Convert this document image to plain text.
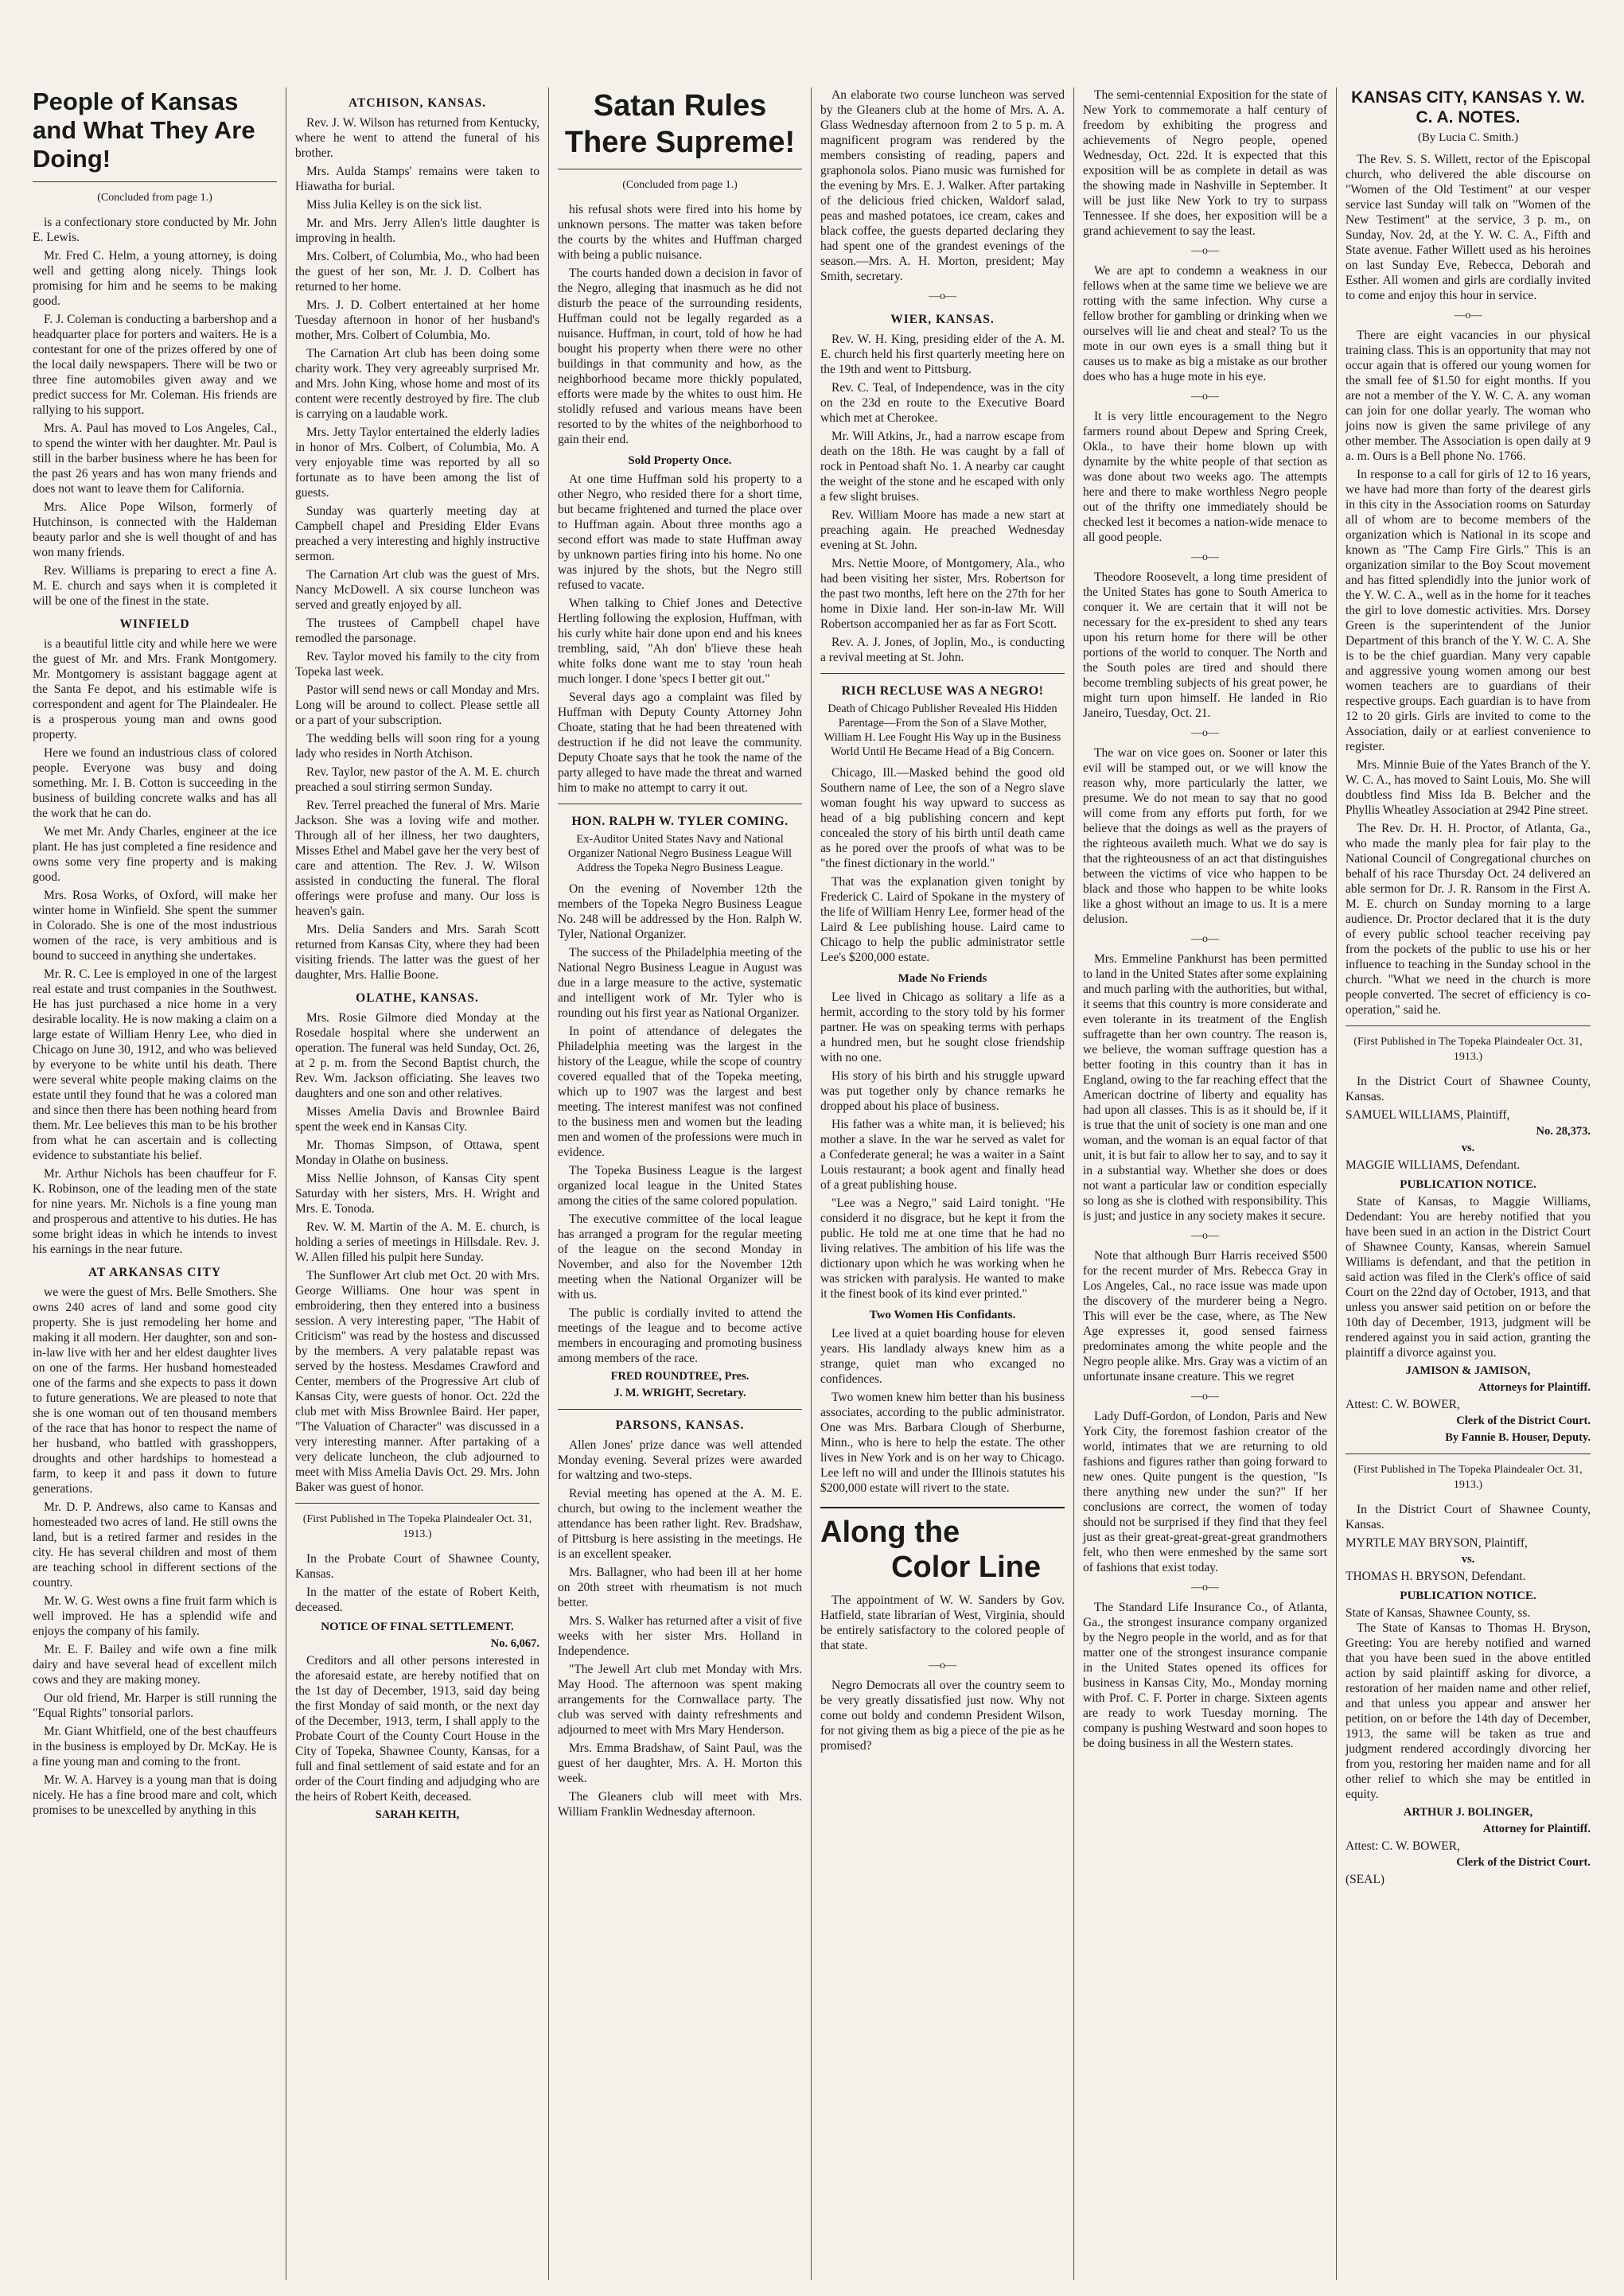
People of Kansas and What They Are Doing!
(Concluded from page 1.)

is a confectionary store conducted by Mr. John E. Lewis.

Mr. Fred C. Helm, a young attorney, is doing well and getting along nicely. Things look promising for him and he seems to be making good.

F. J. Coleman is conducting a barbershop and a headquarter place for porters and waiters. He is a contestant for one of the prizes offered by one of the local daily newspapers. There will be two or three fine automobiles given away and we predict success for Mr. Coleman. His friends are rallying to his support.

Mrs. A. Paul has moved to Los Angeles, Cal., to spend the winter with her daughter. Mr. Paul is still in the barber business where he has been for the past 26 years and has won many friends and does not want to leave them for California.

Mrs. Alice Pope Wilson, formerly of Hutchinson, is connected with the Haldeman beauty parlor and she is well thought of and has won many friends.

Rev. Williams is preparing to erect a fine A. M. E. church and says when it is completed it will be one of the finest in the state.

WINFIELD

is a beautiful little city and while here we were the guest of Mr. and Mrs. Frank Montgomery. Mr. Montgomery is assistant baggage agent at the Santa Fe depot, and his estimable wife is correspondent and agent for The Plaindealer. He is a prosperous young man and owns good property.

Here we found an industrious class of colored people. Everyone was busy and doing something. Mr. I. B. Cotton is succeeding in the business of building concrete walks and has all the work that he can do.

We met Mr. Andy Charles, engineer at the ice plant. He has just completed a fine residence and owns some very fine property and is making good.

Mrs. Rosa Works, of Oxford, will make her winter home in Winfield. She spent the summer in Colorado. She is one of the most industrious women of the race, is very ambitious and is bound to succeed in anything she undertakes.

Mr. R. C. Lee is employed in one of the largest real estate and trust companies in the Southwest. He has just purchased a nice home in a very desirable locality. He is now making a claim on a large estate of William Henry Lee, who died in Chicago on June 30, 1912, and who was believed by everyone to be white until his death. There were several white people making claims on the estate until they found that he was a colored man and since then there has been nothing heard from them. Mr. Lee believes this man to be his brother from what he can ascertain and is collecting evidence to substantiate his belief.

Mr. Arthur Nichols has been chauffeur for F. K. Robinson, one of the leading men of the state for nine years. Mr. Nichols is a fine young man and prosperous and attentive to his duties. He has some bright ideas in which he intends to invest his earnings in the near future.

AT ARKANSAS CITY

we were the guest of Mrs. Belle Smothers. She owns 240 acres of land and some good city property. She is just remodeling her home and making it all modern. Her daughter, son and son-in-law live with her and her eldest daughter lives on one of the farms. Her husband homesteaded one of the farms and she expects to pass it down to future generations. We are pleased to note that she is one woman out of ten thousand members of the race that has honor to respect the name of her husband, who battled with grasshoppers, droughts and other hardships to homestead a farm, to keep it and pass it down to future generations.

Mr. D. P. Andrews, also came to Kansas and homesteaded two acres of land. He still owns the land, but is a retired farmer and resides in the city. He has several children and most of them are teaching school in different sections of the country.

Mr. W. G. West owns a fine fruit farm which is well improved. He has a splendid wife and enjoys the company of his family.

Mr. E. F. Bailey and wife own a fine milk dairy and have several head of excellent milch cows and they are making money.

Our old friend, Mr. Harper is still running the "Equal Rights" tonsorial parlors.

Mr. Giant Whitfield, one of the best chauffeurs in the business is employed by Dr. McKay. He is a fine young man and coming to the front.

Mr. W. A. Harvey is a young man that is doing nicely. He has a fine brood mare and colt, which promises to be unexcelled by anything in this

ATCHISON, KANSAS.

Rev. J. W. Wilson has returned from Kentucky, where he went to attend the funeral of his brother.

Mrs. Aulda Stamps' remains were taken to Hiawatha for burial.

Miss Julia Kelley is on the sick list.

Mr. and Mrs. Jerry Allen's little daughter is improving in health.

Mrs. Colbert, of Columbia, Mo., who had been the guest of her son, Mr. J. D. Colbert has returned to her home.

Mrs. J. D. Colbert entertained at her home Tuesday afternoon in honor of her husband's mother, Mrs. Colbert of Columbia, Mo.

The Carnation Art club has been doing some charity work. They very agreeably surprised Mr. and Mrs. John King, whose home and most of its content were recently destroyed by fire. The club is carrying on a laudable work.

Mrs. Jetty Taylor entertained the elderly ladies in honor of Mrs. Colbert, of Columbia, Mo. A very enjoyable time was reported by all so fortunate as to have been among the list of guests.

Sunday was quarterly meeting day at Campbell chapel and Presiding Elder Evans preached a very interesting and highly instructive sermon.

The Carnation Art club was the guest of Mrs. Nancy McDowell. A six course luncheon was served and greatly enjoyed by all.

The trustees of Campbell chapel have remodled the parsonage.

Rev. Taylor moved his family to the city from Topeka last week.

Pastor will send news or call Monday and Mrs. Long will be around to collect. Please settle all or a part of your subscription.

The wedding bells will soon ring for a young lady who resides in North Atchison.

Rev. Taylor, new pastor of the A. M. E. church preached a soul stirring sermon Sunday.

Rev. Terrel preached the funeral of Mrs. Marie Jackson. She was a loving wife and mother. Through all of her illness, her two daughters, Misses Ethel and Mabel gave her the very best of care and attention. The Rev. J. W. Wilson assisted in conducting the funeral. The floral offerings were profuse and many. Our loss is heaven's gain.

Mrs. Delia Sanders and Mrs. Sarah Scott returned from Kansas City, where they had been visiting friends. The latter was the guest of her daughter, Mrs. Hallie Boone.

OLATHE, KANSAS.

Mrs. Rosie Gilmore died Monday at the Rosedale hospital where she underwent an operation. The funeral was held Sunday, Oct. 26, at 2 p. m. from the Second Baptist church, the Rev. Wm. Jackson officiating. She leaves two daughters and one son and other relatives.

Misses Amelia Davis and Brownlee Baird spent the week end in Kansas City.

Mr. Thomas Simpson, of Ottawa, spent Monday in Olathe on business.

Miss Nellie Johnson, of Kansas City spent Saturday with her sisters, Mrs. H. Wright and Mrs. E. Tonoda.

Rev. W. M. Martin of the A. M. E. church, is holding a series of meetings in Hillsdale. Rev. J. W. Allen filled his pulpit here Sunday.

The Sunflower Art club met Oct. 20 with Mrs. George Williams. One hour was spent in embroidering, then they entered into a business session. A very interesting paper, "The Habit of Criticism" was read by the hostess and discussed by the members. A very palatable repast was served by the hostess. Mesdames Crawford and Center, members of the Progressive Art club of Kansas City, were guests of honor. Oct. 22d the club met with Miss Brownlee Baird. Her paper, "The Valuation of Character" was discussed in a very interesting manner. After partaking of a very delicate luncheon, the club adjourned to meet with Miss Amelia Davis Oct. 29. Mrs. John Baker was guest of honor.

(First Published in The Topeka Plaindealer Oct. 31, 1913.)

In the Probate Court of Shawnee County, Kansas.

In the matter of the estate of Robert Keith, deceased.

NOTICE OF FINAL SETTLEMENT.
No. 6,067.

Creditors and all other persons interested in the aforesaid estate, are hereby notified that on the 1st day of December, 1913, said day being the first Monday of said month, or the next day of the December, 1913, term, I shall apply to the Probate Court of the County Court House in the City of Topeka, Shawnee County, Kansas, for a full and final settlement of said estate and for an order of the Court finding and adjudging who are the heirs of Robert Keith, deceased.

SARAH KEITH,
Satan Rules There Supreme!
(Concluded from page 1.)

his refusal shots were fired into his home by unknown persons. The matter was taken before the courts by the whites and Huffman charged with being a public nuisance.

The courts handed down a decision in favor of the Negro, alleging that inasmuch as he did not disturb the peace of the surrounding residents, Huffman could not be legally regarded as a nuisance. Huffman, in court, told of how he had bought his property when there were no other buildings in that community and how, as the neighborhood became more thickly populated, efforts were made by the whites to oust him. He stolidly refused and various means have been resorted to by the whites of the neighborhood to gain their end.

Sold Property Once.

At one time Huffman sold his property to a other Negro, who resided there for a short time, but became frightened and turned the place over to Huffman again. About three months ago a second effort was made to state Huffman away by unknown parties firing into his home. No one was injured by the shots, but the Negro still refused to vacate.

When talking to Chief Jones and Detective Hertling following the explosion, Huffman, with his curly white hair done upon end and his knees trembling, said, "Ah don' b'lieve these heah white folks done want me to stay 'roun heah much longer. I done 'specs I better git out."

Several days ago a complaint was filed by Huffman with Deputy County Attorney John Choate, stating that he had been threatened with destruction if he did not leave the community. Deputy Choate says that he took the name of the party alleged to have made the threat and warned him to make no attempt to carry it out.

HON. RALPH W. TYLER COMING.
Ex-Auditor United States Navy and National Organizer National Negro Business League Will Address the Topeka Negro Business League.

On the evening of November 12th the members of the Topeka Negro Business League No. 248 will be addressed by the Hon. Ralph W. Tyler, National Organizer.

The success of the Philadelphia meeting of the National Negro Business League in August was due in a large measure to the active, systematic and intelligent work of Mr. Tyler who is rounding out his first year as National Organizer.

In point of attendance of delegates the Philadelphia meeting was the largest in the history of the League, while the scope of country covered equalled that of the Topeka meeting, which up to 1907 was the largest and best meeting. The interest manifest was not confined to the business men and women but the leading men and women of the professions were much in evidence.

The Topeka Business League is the largest organized local league in the United States among the cities of the same colored population.

The executive committee of the local league has arranged a program for the regular meeting of the league on the second Monday in November, and also for the November 12th meeting when the National Organizer will be with us.

The public is cordially invited to attend the meetings of the league and to become active members in encouraging and promoting business among members of the race.

FRED ROUNDTREE, Pres.
J. M. WRIGHT, Secretary.
PARSONS, KANSAS.

Allen Jones' prize dance was well attended Monday evening. Several prizes were awarded for waltzing and two-steps.

Revial meeting has opened at the A. M. E. church, but owing to the inclement weather the attendance has been rather light. Rev. Bradshaw, of Pittsburg is here assisting in the meetings. He is an excellent speaker.

Mrs. Ballagner, who had been ill at her home on 20th street with rheumatism is not much better.

Mrs. S. Walker has returned after a visit of five weeks with her sister Mrs. Holland in Independence.

"The Jewell Art club met Monday with Mrs. May Hood. The afternoon was spent making arrangements for the Cornwallace party. The club was served with dainty refreshments and adjourned to meet with Mrs Mary Henderson.

Mrs. Emma Bradshaw, of Saint Paul, was the guest of her daughter, Mrs. A. H. Morton this week.

The Gleaners club will meet with Mrs. William Franklin Wednesday afternoon.

An elaborate two course luncheon was served by the Gleaners club at the home of Mrs. A. A. Glass Wednesday afternoon from 2 to 5 p. m. A magnificent program was rendered by the members consisting of reading, papers and graphonola solos. Piano music was furnished for the evening by Mrs. E. J. Walker. After partaking of the delicious fried chicken, Waldorf salad, peas and mashed potatoes, ice cream, cakes and black coffee, the guests departed declaring they had spent one of the grandest evenings of the season.—Mrs. A. H. Morton, president; May Smith, secretary.

—o—
WIER, KANSAS.

Rev. W. H. King, presiding elder of the A. M. E. church held his first quarterly meeting here on the 19th and went to Pittsburg.

Rev. C. Teal, of Independence, was in the city on the 23d en route to the Executive Board which met at Cherokee.

Mr. Will Atkins, Jr., had a narrow escape from death on the 18th. He was caught by a fall of rock in Pentoad shaft No. 1. A nearby car caught the weight of the stone and he escaped with only a few slight bruises.

Rev. William Moore has made a new start at preaching again. He preached Wednesday evening at St. John.

Mrs. Nettie Moore, of Montgomery, Ala., who had been visiting her sister, Mrs. Robertson for the past two months, left here on the 27th for her home in Dixie land. Her son-in-law Mr. Will Robertson accompanied her as far as Fort Scott.

Rev. A. J. Jones, of Joplin, Mo., is conducting a revival meeting at St. John.

RICH RECLUSE WAS A NEGRO!
Death of Chicago Publisher Revealed His Hidden Parentage—From the Son of a Slave Mother, William H. Lee Fought His Way up in the Business World Until He Became Head of a Big Concern.

Chicago, Ill.—Masked behind the good old Southern name of Lee, the son of a Negro slave woman fought his way upward to success as head of a big publishing concern and kept concealed the story of his birth until death came as he pored over the proofs of what was to be "the finest dictionary in the world."

That was the explanation given tonight by Frederick C. Laird of Spokane in the mystery of the life of William Henry Lee, former head of the Laird & Lee publishing house. Laird came to Chicago to help the public administrator settle Lee's $200,000 estate.

Made No Friends

Lee lived in Chicago as solitary a life as a hermit, according to the story told by his former partner. He was on speaking terms with perhaps a hundred men, but he sought close friendship with no one.

His story of his birth and his struggle upward was put together only by chance remarks he dropped about his place of business.

His father was a white man, it is believed; his mother a slave. In the war he served as valet for a Confederate general; he was a waiter in a Saint Louis restaurant; a book agent and finally head of a great publishing house.

"Lee was a Negro," said Laird tonight. "He considerd it no disgrace, but he kept it from the public. He told me at one time that he had no living relatives. The ambition of his life was the dictionary upon which he was working when he was stricken with paralysis. He wanted to make it the finest book of its kind ever printed."

Two Women His Confidants.

Lee lived at a quiet boarding house for eleven years. His landlady always knew him as a strange, quiet man who excanged no confidences.

Two women knew him better than his business associates, according to the public administrator. One was Mrs. Barbara Clough of Sherburne, Minn., who is here to help the estate. The other lives in New York and is on her way to Chicago. Lee left no will and under the Illinois statutes his $200,000 estate will rivert to the state.

Along the
Color Line

The appointment of W. W. Sanders by Gov. Hatfield, state librarian of West, Virginia, should be entirely satisfactory to the colored people of that state.

—o—

Negro Democrats all over the country seem to be very greatly dissatisfied just now. Why not come out boldy and condemn President Wilson, for not giving them as big a piece of the pie as he promised?

The semi-centennial Exposition for the state of New York to commemorate a half century of freedom by exhibiting the progress and achievements of Negro people, opened Wednesday, Oct. 22d. It is expected that this exposition will be as complete in detail as was the showing made in Nashville in September. It will be just like New York to try to surpass Tennessee. If she does, her exposition will be a grand achievement to say the least.

—o—

We are apt to condemn a weakness in our fellows when at the same time we believe we are rotting with the same infection. Why curse a fellow brother for gambling or drinking when we ourselves will lie and cheat and steal? To us the mote in our own eyes is a small thing but it causes us to make as big a mistake as our brother does who has a huge mote in his eye.

—o—

It is very little encouragement to the Negro farmers round about Depew and Spring Creek, Okla., to have their home blown up with dynamite by the white people of that section as was done about two weeks ago. The attempts here and there to make worthless Negro people out of the thrifty one immediately should be checked lest it becomes a nation-wide menace to all good people.

—o—

Theodore Roosevelt, a long time president of the United States has gone to South America to conquer it. We are certain that it will not be necessary for the ex-president to shed any tears upon his return home for there will be other portions of the world to conquer. The North and the South poles are tired and should there become trembling subjects of his great power, he might turn upon himself. He landed in Rio Janeiro, Tuesday, Oct. 21.

—o—

The war on vice goes on. Sooner or later this evil will be stamped out, or we will know the reason why, more particularly the latter, we presume. We do not mean to say that no good will come from any efforts put forth, for we believe that the doings as well as the prayers of the righteous availeth much. What we do say is that the righteousness of an act that distinguishes between the victims of vice who happen to be black and those who happen to be white looks like a ghost without an image to us. It is a mere delusion.

—o—

Mrs. Emmeline Pankhurst has been permitted to land in the United States after some explaining and much parling with the authorities, but withal, it seems that this country is more considerate and even tolerante in its treatment of the English suffragette than her own country. The reason is, we believe, the woman suffrage question has a better footing in this country than it has in England, owing to the far reaching effect that the American doctrine of liberty and equality has had upon all classes. This is as it should be, if it is true that the unit of society is one man and one woman, and the woman is an equal factor of that unit, it is but fair to allow her to say, and to say it in a substantial way. Whether she does or does not want a particular law or condition especially so long as she is clothed with responsibility. This is just; and justice in any society makes it secure.

—o—

Note that although Burr Harris received $500 for the recent murder of Mrs. Rebecca Gray in Los Angeles, Cal., no race issue was made upon the discovery of the murderer being a Negro. This will ever be the case, where, as The New Age expresses it, good sensed fairness predominates among the white people and the Negro people alike. Mrs. Gray was a victim of an unfortunate insane creature. This we regret

—o—

Lady Duff-Gordon, of London, Paris and New York City, the foremost fashion creator of the world, intimates that we are returning to old fashions and figures rather than going forward to new ones. Quite pungent is the question, "Is there anything new under the sun?" If her conclusions are correct, the women of today should not be surprised if they find that they feel just as their great-great-great-great grandmothers felt, who then were enmeshed by the same sort of fashions that exist today.

—o—

The Standard Life Insurance Co., of Atlanta, Ga., the strongest insurance company organized by the Negro people in the world, and as for that matter one of the strongest insurance companie in the United States opened its offices for business in Kansas City, Mo., Monday morning with Prof. C. F. Porter in charge. Sixteen agents are ready to work Tuesday morning. The company is pushing Westward and soon hopes to be doing business in all the Western states.

KANSAS CITY, KANSAS Y. W. C. A. NOTES.
(By Lucia C. Smith.)

The Rev. S. S. Willett, rector of the Episcopal church, who delivered the able discourse on "Women of the Old Testiment" at our vesper service last Sunday will talk on "Women of the New Testiment" at the service, 3 p. m., on Sunday, Nov. 2d, at the Y. W. C. A., Fifth and State avenue. Father Willett used as his heroines on last Sunday Eve, Rebecca, Deborah and Esther. All women and girls are cordially invited to come and enjoy this hour in service.

—o—

There are eight vacancies in our physical training class. This is an opportunity that may not occur again that is offered our young women for the small fee of $1.50 for eight months. If you are not a member of the Y. W. C. A. any woman can join for one dollar yearly. The woman who joins now is given the same privilege of any other member. The Association is open daily at 9 a. m. Ours is a Bell phone No. 1766.

In response to a call for girls of 12 to 16 years, we have had more than forty of the dearest girls in this city in the Association rooms on Saturday all of whom are to become members of the organization which is National in its scope and known as "The Camp Fire Girls." This is an organization similar to the Boy Scout movement and has fitted splendidly into the junior work of the Y. W. C. A., well as in the home for it teaches the girl to love domestic activities. Mrs. Dorsey Green is the superintendent of the Junior Department of this branch of the Y. W. C. A. She is to be the chief guardian. Many very capable and aggressive young women among our best women teachers are to guardians of their respective groups. Each guardian is to have from 12 to 20 girls. Girls are invited to come to the Association, daily or at earliest convenience to register.

Mrs. Minnie Buie of the Yates Branch of the Y. W. C. A., has moved to Saint Louis, Mo. She will doubtless find Miss Ida B. Belcher and the Phyllis Wheatley Association at 2942 Pine street.

The Rev. Dr. H. H. Proctor, of Atlanta, Ga., who made the manly plea for fair play to the National Council of Congregational churches on behalf of his race Thursday Oct. 24 delivered an able sermon for Dr. J. R. Ransom in the First A. M. E. church on Sunday morning to a large audience. Dr. Proctor declared that it is the duty of every public school teacher receiving pay from the pockets of the public to use his or her influence to teaching in the Sunday school in the church. "What we need in the church is more people converted. The secret of efficiency is co-operation," said he.

(First Published in The Topeka Plaindealer Oct. 31, 1913.)

In the District Court of Shawnee County, Kansas.

SAMUEL WILLIAMS, Plaintiff,
No. 28,373.
vs.
MAGGIE WILLIAMS, Defendant.
PUBLICATION NOTICE.

State of Kansas, to Maggie Williams, Dedendant: You are hereby notified that you have been sued in an action in the District Court of Shawnee County, Kansas, wherein Samuel Williams is defendant, and that the petition in said action was filed in the Clerk's office of said Court on the 22nd day of October, 1913, and that unless you answer said petition on or before the 10th day of December, 1913, judgment will be rendered against you in said action, granting the plaintiff a divorce against you.

JAMISON & JAMISON,
Attorneys for Plaintiff.
Attest: C. W. BOWER,
Clerk of the District Court.
By Fannie B. Houser, Deputy.
(First Published in The Topeka Plaindealer Oct. 31, 1913.)

In the District Court of Shawnee County, Kansas.

MYRTLE MAY BRYSON, Plaintiff,
vs.
THOMAS H. BRYSON, Defendant.
PUBLICATION NOTICE.
State of Kansas, Shawnee County, ss.

The State of Kansas to Thomas H. Bryson, Greeting: You are hereby notified and warned that you have been sued in the above entitled action by said plaintiff asking for divorce, a restoration of her maiden name and other relief, and that unless you appear and answer her petition, on or before the 14th day of December, 1913, the same will be taken as true and judgment rendered accordingly divorcing her from you, restoring her maiden name and for all other relief to which she may be entitled in equity.

ARTHUR J. BOLINGER,
Attorney for Plaintiff.
Attest: C. W. BOWER,
Clerk of the District Court.
(SEAL)
